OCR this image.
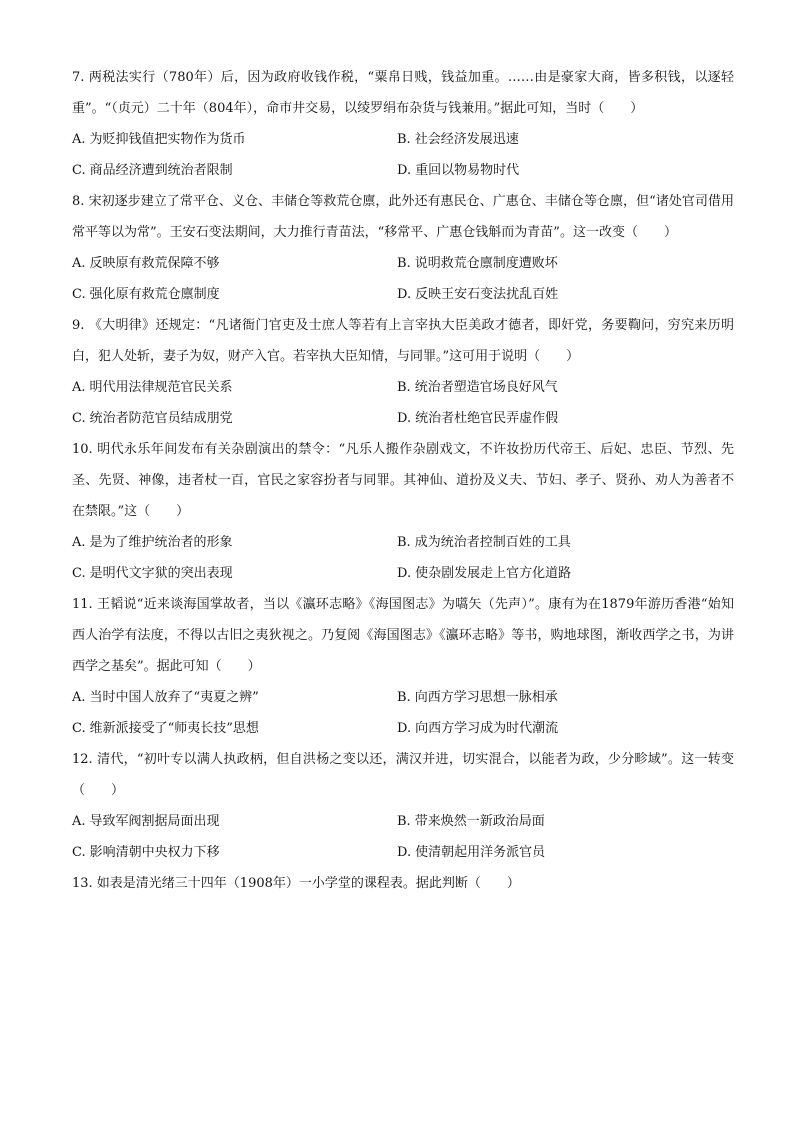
7. 两税法实行（780年）后，因为政府收钱作税，“粟帛日贱，钱益加重。……由是豪家大商，皆多积钱，以逐轻重”。“（贞元）二十年（804年），命市井交易，以绫罗绢布杂货与钱兼用。”据此可知，当时（　　）

A. 为贬抑钱值把实物作为货币	B. 社会经济发展迅速
C. 商品经济遭到统治者限制	D. 重回以物易物时代

8. 宋初逐步建立了常平仓、义仓、丰储仓等救荒仓廪，此外还有惠民仓、广惠仓、丰储仓等仓廪，但“诸处官司借用常平等以为常”。王安石变法期间，大力推行青苗法，“移常平、广惠仓钱斛而为青苗”。这一改变（　　）

A. 反映原有救荒保障不够	B. 说明救荒仓廪制度遭败坏
C. 强化原有救荒仓廪制度	D. 反映王安石变法扰乱百姓

9. 《大明律》还规定：“凡诸衙门官吏及士庶人等若有上言宰执大臣美政才德者，即奸党，务要鞫问，穷究来历明白，犯人处斩，妻子为奴，财产入官。若宰执大臣知情，与同罪。”这可用于说明（　　）

A. 明代用法律规范官民关系	B. 统治者塑造官场良好风气
C. 统治者防范官员结成朋党	D. 统治者杜绝官民弄虚作假

10. 明代永乐年间发布有关杂剧演出的禁令：“凡乐人搬作杂剧戏文，不许妆扮历代帝王、后妃、忠臣、节烈、先圣、先贤、神像，违者杖一百，官民之家容扮者与同罪。其神仙、道扮及义夫、节妇、孝子、贤孙、劝人为善者不在禁限。”这（　　）

A. 是为了维护统治者的形象	B. 成为统治者控制百姓的工具
C. 是明代文字狱的突出表现	D. 使杂剧发展走上官方化道路

11. 王韬说“近来谈海国掌故者，当以《瀛环志略》《海国图志》为嚆矢（先声）”。康有为在1879年游历香港“始知西人治学有法度，不得以古旧之夷狄视之。乃复阅《海国图志》《瀛环志略》等书，购地球图，渐收西学之书，为讲西学之基矣”。据此可知（　　）

A. 当时中国人放弃了“夷夏之辨”	B. 向西方学习思想一脉相承
C. 维新派接受了“师夷长技”思想	D. 向西方学习成为时代潮流

12. 清代，“初叶专以满人执政柄，但自洪杨之变以还，满汉并进，切实混合，以能者为政，少分畛域”。这一转变（　　）

A. 导致军阀割据局面出现	B. 带来焕然一新政治局面
C. 影响清朝中央权力下移	D. 使清朝起用洋务派官员

13. 如表是清光绪三十四年（1908年）一小学堂的课程表。据此判断（　　）
